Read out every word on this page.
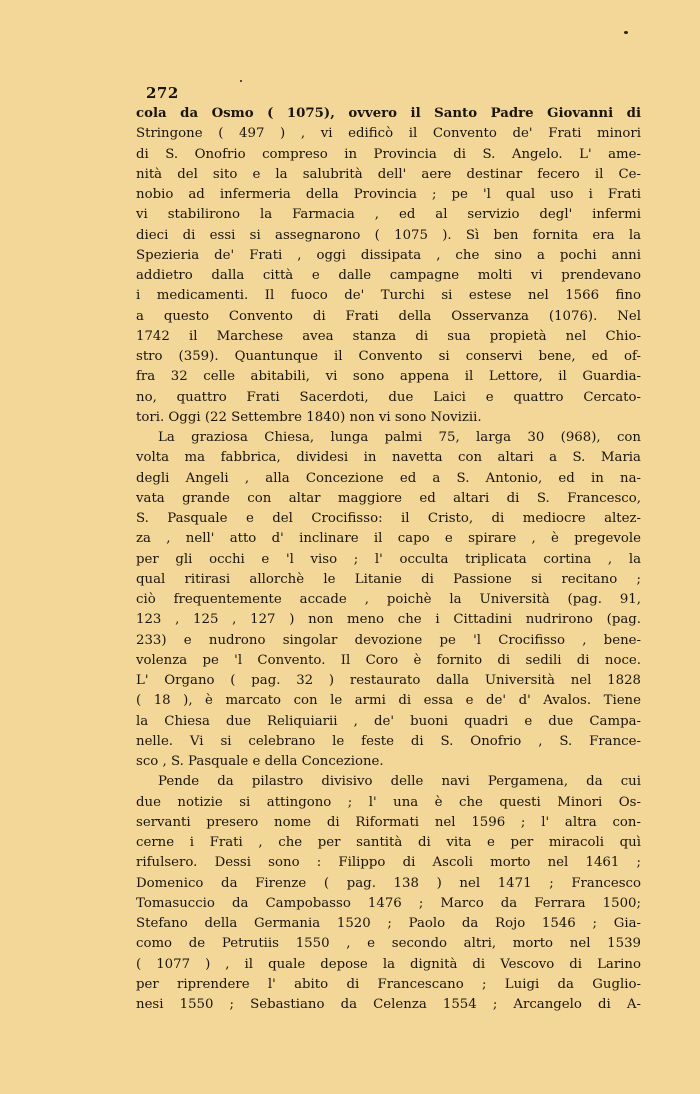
272
cola da Osmo ( 1075), ovvero il Santo Padre Giovanni di
Stringone ( 497 ) , vi edificò il Convento de' Frati minori
di S. Onofrio compreso in Provincia di S. Angelo. L' ame-
nità del sito e la salubrità dell' aere destinar fecero il Ce-
nobio ad infermeria della Provincia ; pe 'l qual uso i Frati
vi stabilirono la Farmacia , ed al servizio degl' infermi
dieci di essi si assegnarono ( 1075 ). Sì ben fornita era la
Spezieria de' Frati , oggi dissipata , che sino a pochi anni
addietro dalla città e dalle campagne molti vi prendevano
i medicamenti. Il fuoco de' Turchi si estese nel 1566 fino
a questo Convento di Frati della Osservanza (1076). Nel
1742 il Marchese avea stanza di sua propietà nel Chio-
stro (359). Quantunque il Convento si conservi bene, ed of-
fra 32 celle abitabili, vi sono appena il Lettore, il Guardia-
no, quattro Frati Sacerdoti, due Laici e quattro Cercato-
tori. Oggi (22 Settembre 1840) non vi sono Novizii.
La graziosa Chiesa, lunga palmi 75, larga 30 (968), con
volta ma fabbrica, dividesi in navetta con altari a S. Maria
degli Angeli , alla Concezione ed a S. Antonio, ed in na-
vata grande con altar maggiore ed altari di S. Francesco,
S. Pasquale e del Crocifisso: il Cristo, di mediocre altez-
za , nell' atto d' inclinare il capo e spirare , è pregevole
per gli occhi e 'l viso ; l' occulta triplicata cortina , la
qual ritirasi allorchè le Litanie di Passione si recitano ;
ciò frequentemente accade , poichè la Università (pag. 91,
123 , 125 , 127 ) non meno che i Cittadini nudrirono (pag.
233) e nudrono singolar devozione pe 'l Crocifisso , bene-
volenza pe 'l Convento. Il Coro è fornito di sedili di noce.
L' Organo ( pag. 32 ) restaurato dalla Università nel 1828
( 18 ), è marcato con le armi di essa e de' d' Avalos. Tiene
la Chiesa due Reliquiarii , de' buoni quadri e due Campa-
nelle. Vi si celebrano le feste di S. Onofrio , S. France-
sco , S. Pasquale e della Concezione.
Pende da pilastro divisivo delle navi Pergamena, da cui
due notizie si attingono ; l' una è che questi Minori Os-
servanti presero nome di Riformati nel 1596 ; l' altra con-
cerne i Frati , che per santità di vita e per miracoli quì
rifulsero. Dessi sono : Filippo di Ascoli morto nel 1461 ;
Domenico da Firenze ( pag. 138 ) nel 1471 ; Francesco
Tomasuccio da Campobasso 1476 ; Marco da Ferrara 1500;
Stefano della Germania 1520 ; Paolo da Rojo 1546 ; Gia-
como de Petrutiis 1550 , e secondo altri, morto nel 1539
( 1077 ) , il quale depose la dignità di Vescovo di Larino
per riprendere l' abito di Francescano ; Luigi da Guglio-
nesi 1550 ; Sebastiano da Celenza 1554 ; Arcangelo di A-
